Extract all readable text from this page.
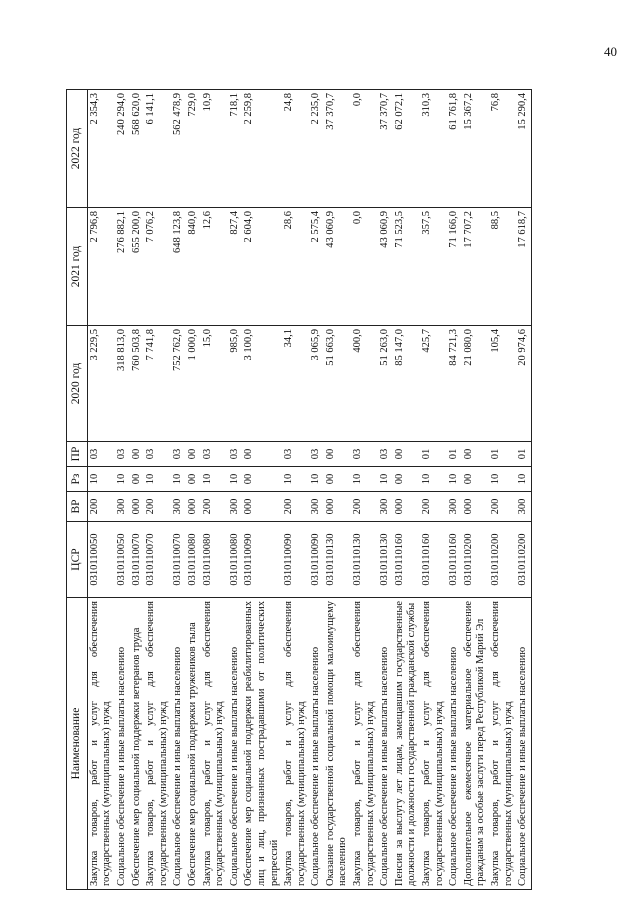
40

Наименование	ЦСР	ВР	Рз	ПР	2020 год	2021 год	2022 год
Закупка товаров, работ и услуг для обеспечения государственных (муниципальных) нужд	0310110050	200	10	03	3 229,5	2 796,8	2 354,3
Социальное обеспечение и иные выплаты населению	0310110050	300	10	03	318 813,0	276 882,1	240 294,0
Обеспечение мер социальной поддержки ветеранов труда	0310110070	000	00	00	760 503,8	655 200,0	568 620,0
Закупка товаров, работ и услуг для обеспечения государственных (муниципальных) нужд	0310110070	200	10	03	7 741,8	7 076,2	6 141,1
Социальное обеспечение и иные выплаты населению	0310110070	300	10	03	752 762,0	648 123,8	562 478,9
Обеспечение мер социальной поддержки тружеников тыла	0310110080	000	00	00	1 000,0	840,0	729,0
Закупка товаров, работ и услуг для обеспечения государственных (муниципальных) нужд	0310110080	200	10	03	15,0	12,6	10,9
Социальное обеспечение и иные выплаты населению	0310110080	300	10	03	985,0	827,4	718,1
Обеспечение мер социальной поддержки реабилитированных лиц и лиц, признанных пострадавшими от политических репрессий	0310110090	000	00	00	3 100,0	2 604,0	2 259,8
Закупка товаров, работ и услуг для обеспечения государственных (муниципальных) нужд	0310110090	200	10	03	34,1	28,6	24,8
Социальное обеспечение и иные выплаты населению	0310110090	300	10	03	3 065,9	2 575,4	2 235,0
Оказание государственной социальной помощи малоимущему населению	0310110130	000	00	00	51 663,0	43 060,9	37 370,7
Закупка товаров, работ и услуг для обеспечения государственных (муниципальных) нужд	0310110130	200	10	03	400,0	0,0	0,0
Социальное обеспечение и иные выплаты населению	0310110130	300	10	03	51 263,0	43 060,9	37 370,7
Пенсия за выслугу лет лицам, замещавшим государственные должности и должности государственной гражданской службы	0310110160	000	00	00	85 147,0	71 523,5	62 072,1
Закупка товаров, работ и услуг для обеспечения государственных (муниципальных) нужд	0310110160	200	10	01	425,7	357,5	310,3
Социальное обеспечение и иные выплаты населению	0310110160	300	10	01	84 721,3	71 166,0	61 761,8
Дополнительное ежемесячное материальное обеспечение гражданам за особые заслуги перед Республикой Марий Эл	0310110200	000	00	00	21 080,0	17 707,2	15 367,2
Закупка товаров, работ и услуг для обеспечения государственных (муниципальных) нужд	0310110200	200	10	01	105,4	88,5	76,8
Социальное обеспечение и иные выплаты населению	0310110200	300	10	01	20 974,6	17 618,7	15 290,4
